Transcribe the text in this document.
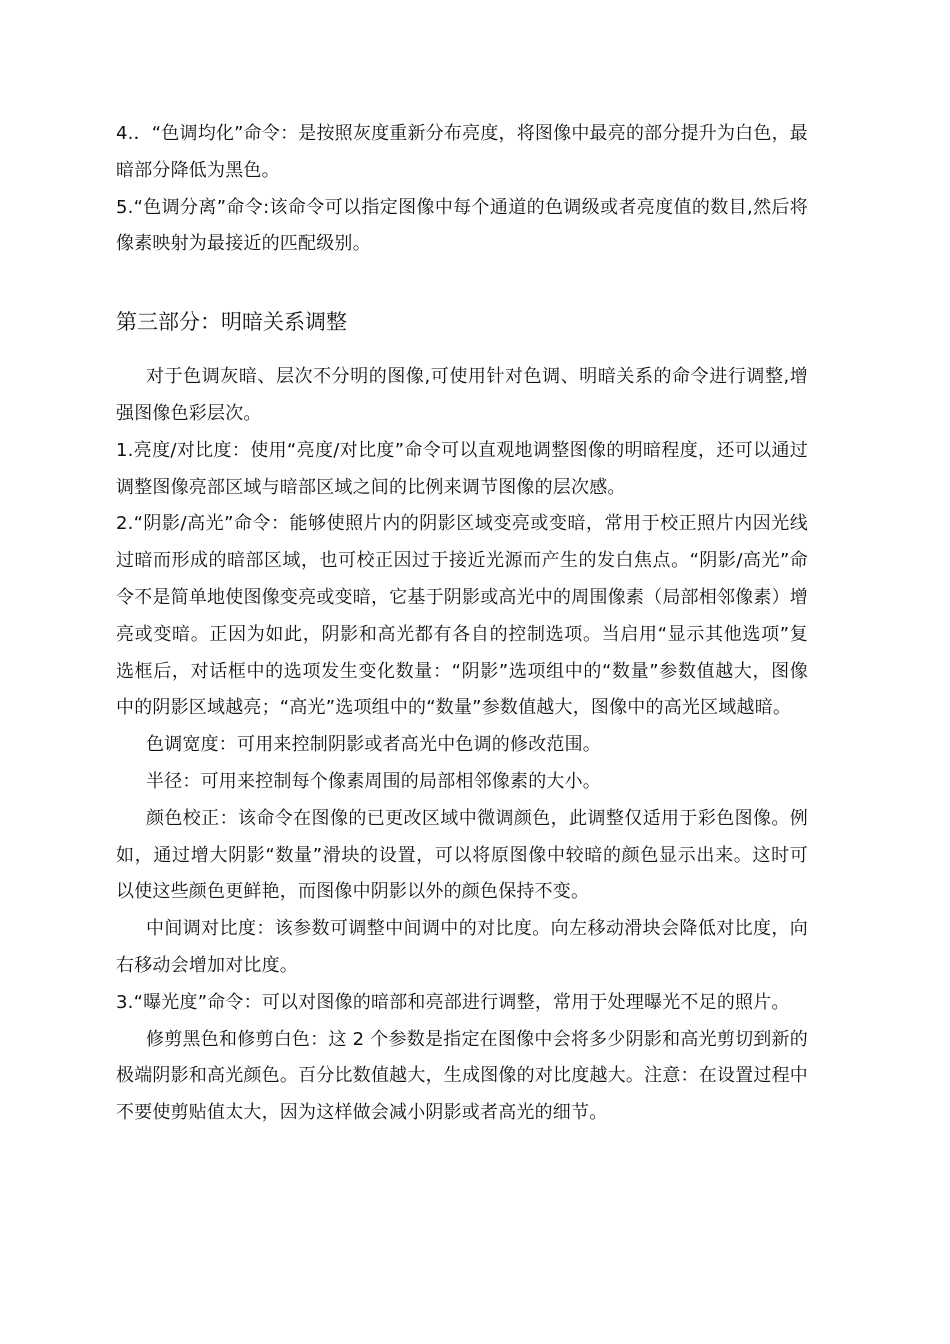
4.．“色调均化”命令：是按照灰度重新分布亮度，将图像中最亮的部分提升为白色，最暗部分降低为黑色。

5.“色调分离”命令:该命令可以指定图像中每个通道的色调级或者亮度值的数目,然后将像素映射为最接近的匹配级别。

第三部分：明暗关系调整

对于色调灰暗、层次不分明的图像,可使用针对色调、明暗关系的命令进行调整,增强图像色彩层次。

1.亮度/对比度：使用“亮度/对比度”命令可以直观地调整图像的明暗程度，还可以通过调整图像亮部区域与暗部区域之间的比例来调节图像的层次感。

2.“阴影/高光”命令：能够使照片内的阴影区域变亮或变暗，常用于校正照片内因光线过暗而形成的暗部区域，也可校正因过于接近光源而产生的发白焦点。“阴影/高光”命令不是简单地使图像变亮或变暗，它基于阴影或高光中的周围像素（局部相邻像素）增亮或变暗。正因为如此，阴影和高光都有各自的控制选项。当启用“显示其他选项”复选框后，对话框中的选项发生变化数量：“阴影”选项组中的“数量”参数值越大，图像中的阴影区域越亮；“高光”选项组中的“数量”参数值越大，图像中的高光区域越暗。

色调宽度：可用来控制阴影或者高光中色调的修改范围。

半径：可用来控制每个像素周围的局部相邻像素的大小。

颜色校正：该命令在图像的已更改区域中微调颜色，此调整仅适用于彩色图像。例如，通过增大阴影“数量”滑块的设置，可以将原图像中较暗的颜色显示出来。这时可以使这些颜色更鲜艳，而图像中阴影以外的颜色保持不变。

中间调对比度：该参数可调整中间调中的对比度。向左移动滑块会降低对比度，向右移动会增加对比度。

3.“曝光度”命令：可以对图像的暗部和亮部进行调整，常用于处理曝光不足的照片。

修剪黑色和修剪白色：这 2 个参数是指定在图像中会将多少阴影和高光剪切到新的极端阴影和高光颜色。百分比数值越大，生成图像的对比度越大。注意：在设置过程中不要使剪贴值太大，因为这样做会减小阴影或者高光的细节。
